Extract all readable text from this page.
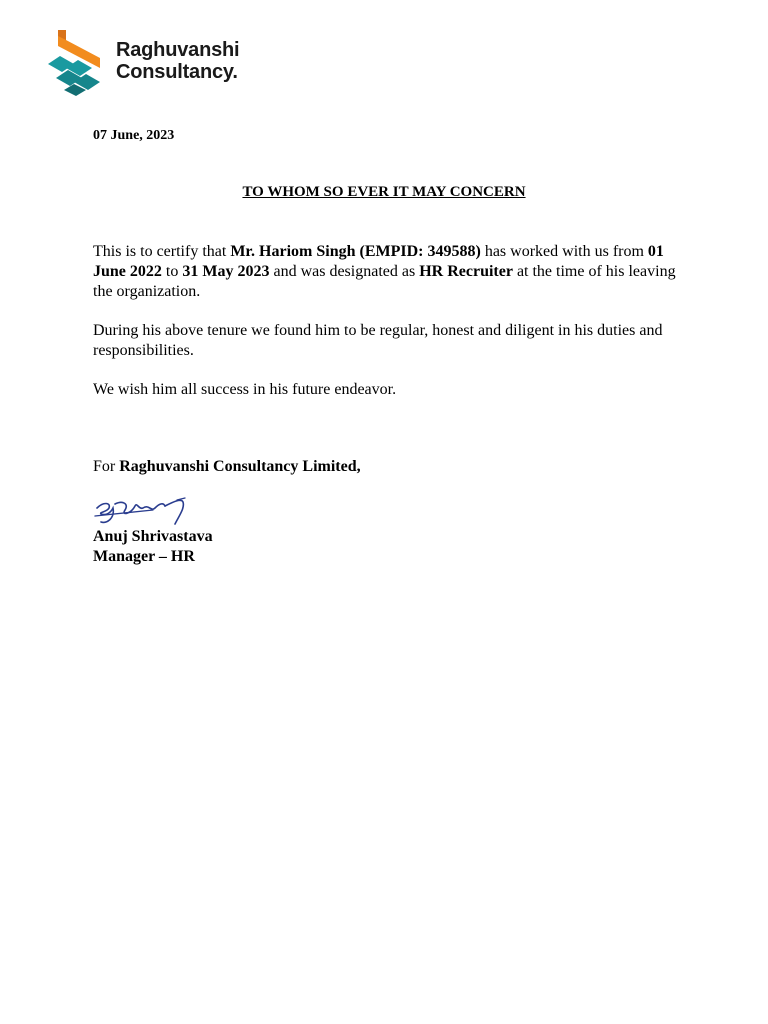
Raghuvanshi
Consultancy.
07 June, 2023
TO WHOM SO EVER IT MAY CONCERN
This is to certify that Mr. Hariom Singh (EMPID: 349588) has worked with us from 01 June 2022 to 31 May 2023 and was designated as HR Recruiter at the time of his leaving the organization.
During his above tenure we found him to be regular, honest and diligent in his duties and responsibilities.
We wish him all success in his future endeavor.
For Raghuvanshi Consultancy Limited,
Anuj Shrivastava
Manager – HR
